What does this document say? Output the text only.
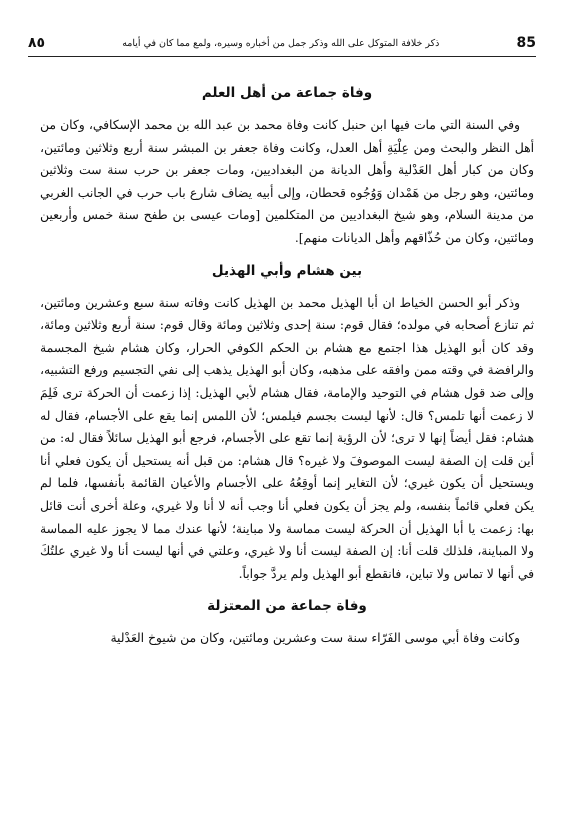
85
ذكر خلافة المتوكل على الله وذكر جمل من أخباره وسيره، ولمع مما كان في أيامه
٨٥
وفاة جماعة من أهل العلم

وفي السنة التي مات فيها ابن حنبل كانت وفاة محمد بن عبد الله بن محمد الإسكافي، وكان من أهل النظر والبحث ومن عِلْيَةِ أهل العدل، وكانت وفاة جعفر بن المبشر سنة أربع وثلاثين ومائتين، وكان من كبار أهل العَدْلية وأهل الديانة من البغداديين، ومات جعفر بن حرب سنة ست وثلاثين ومائتين، وهو رجل من هَمْدان وَوُجُوه قحطان، وإلى أبيه يضاف شارع باب حرب في الجانب الغربي من مدينة السلام، وهو شيخ البغداديين من المتكلمين [ومات عيسى بن طفح سنة خمس وأربعين ومائتين، وكان من حُذّاقهم وأهل الديانات منهم].

بين هشام وأبي الهذيل

وذكر أبو الحسن الخياط ان أبا الهذيل محمد بن الهذيل كانت وفاته سنة سبع وعشرين ومائتين، ثم تنازع أصحابه في مولده؛ فقال قوم: سنة إحدى وثلاثين ومائة وقال قوم: سنة أربع وثلاثين ومائة، وقد كان أبو الهذيل هذا اجتمع مع هشام بن الحكم الكوفي الحرار، وكان هشام شيخ المجسمة والرافضة في وقته ممن وافقه على مذهبه، وكان أبو الهذيل يذهب إلى نفي التجسيم ورفع التشبيه، وإلى ضد قول هشام في التوحيد والإمامة، فقال هشام لأبي الهذيل: إذا زعمت أن الحركة ترى فَلِمَ لا زعمت أنها تلمس؟ قال: لأنها ليست بجسم فيلمس؛ لأن اللمس إنما يقع على الأجسام، فقال له هشام: فقل أيضاً إنها لا ترى؛ لأن الرؤية إنما تقع على الأجسام، فرجع أبو الهذيل سائلاً فقال له: من أين قلت إن الصفة ليست الموصوفَ ولا غيره؟ قال هشام: من قبل أنه يستحيل أن يكون فعلي أنا ويستحيل أن يكون غيري؛ لأن التغاير إنما أوقِعُهُ على الأجسام والأعيان القائمة بأنفسها، فلما لم يكن فعلي قائماً بنفسه، ولم يجز أن يكون فعلي أنا وجب أنه لا أنا ولا غيري، وعلة أخرى أنت قائل بها: زعمت يا أبا الهذيل أن الحركة ليست مماسة ولا مباينة؛ لأنها عندك مما لا يجوز عليه المماسة ولا المباينة، فلذلك قلت أنا: إن الصفة ليست أنا ولا غيري، وعلتي في أنها ليست أنا ولا غيري علتُكَ في أنها لا تماس ولا تباين، فانقطع أبو الهذيل ولم يردَّ جواباً.

وفاة جماعة من المعتزلة

وكانت وفاة أبي موسى الفَرّاء سنة ست وعشرين ومائتين، وكان من شيوخ العَدْلية
